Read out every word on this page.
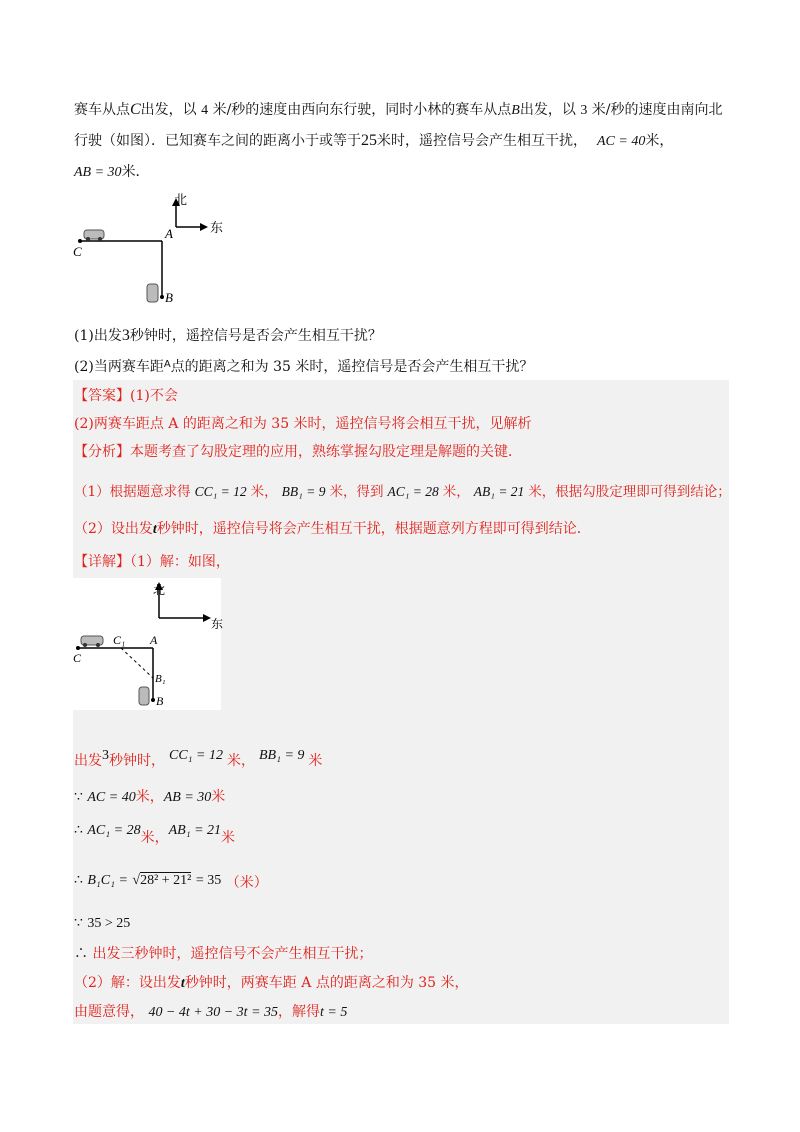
赛车从点C出发，以 4 米/秒的速度由西向东行驶，同时小林的赛车从点B出发，以 3 米/秒的速度由南向北
行驶（如图）．已知赛车之间的距离小于或等于25米时，遥控信号会产生相互干扰， AC = 40米，
AB = 30米．
北
东
A
B
C
(1)出发3秒钟时，遥控信号是否会产生相互干扰？
(2)当两赛车距$^A$点的距离之和为 35 米时，遥控信号是否会产生相互干扰？
【答案】(1)不会
(2)两赛车距点 A 的距离之和为 35 米时，遥控信号将会相互干扰，见解析
【分析】本题考查了勾股定理的应用，熟练掌握勾股定理是解题的关键．
（1）根据题意求得 CC₁ = 12 米， BB₁ = 9 米，得到 AC₁ = 28 米， AB₁ = 21 米，根据勾股定理即可得到结论；
（2）设出发t秒钟时，遥控信号将会产生相互干扰，根据题意列方程即可得到结论．
【详解】（1）解：如图，
北
东
A
B
C
C₁
B₁
出发3秒钟时， CC₁ = 12 米， BB₁ = 9 米
∵ AC = 40米，AB = 30米
∴ AC₁ = 28米，AB₁ = 21米
∴ B₁C₁ = √28² + 21² = 35 （米）
∵ 35 > 25
∴ 出发三秒钟时，遥控信号不会产生相互干扰；
（2）解：设出发t秒钟时，两赛车距 A 点的距离之和为 35 米，
由题意得， 40 − 4t + 30 − 3t = 35，解得t = 5
